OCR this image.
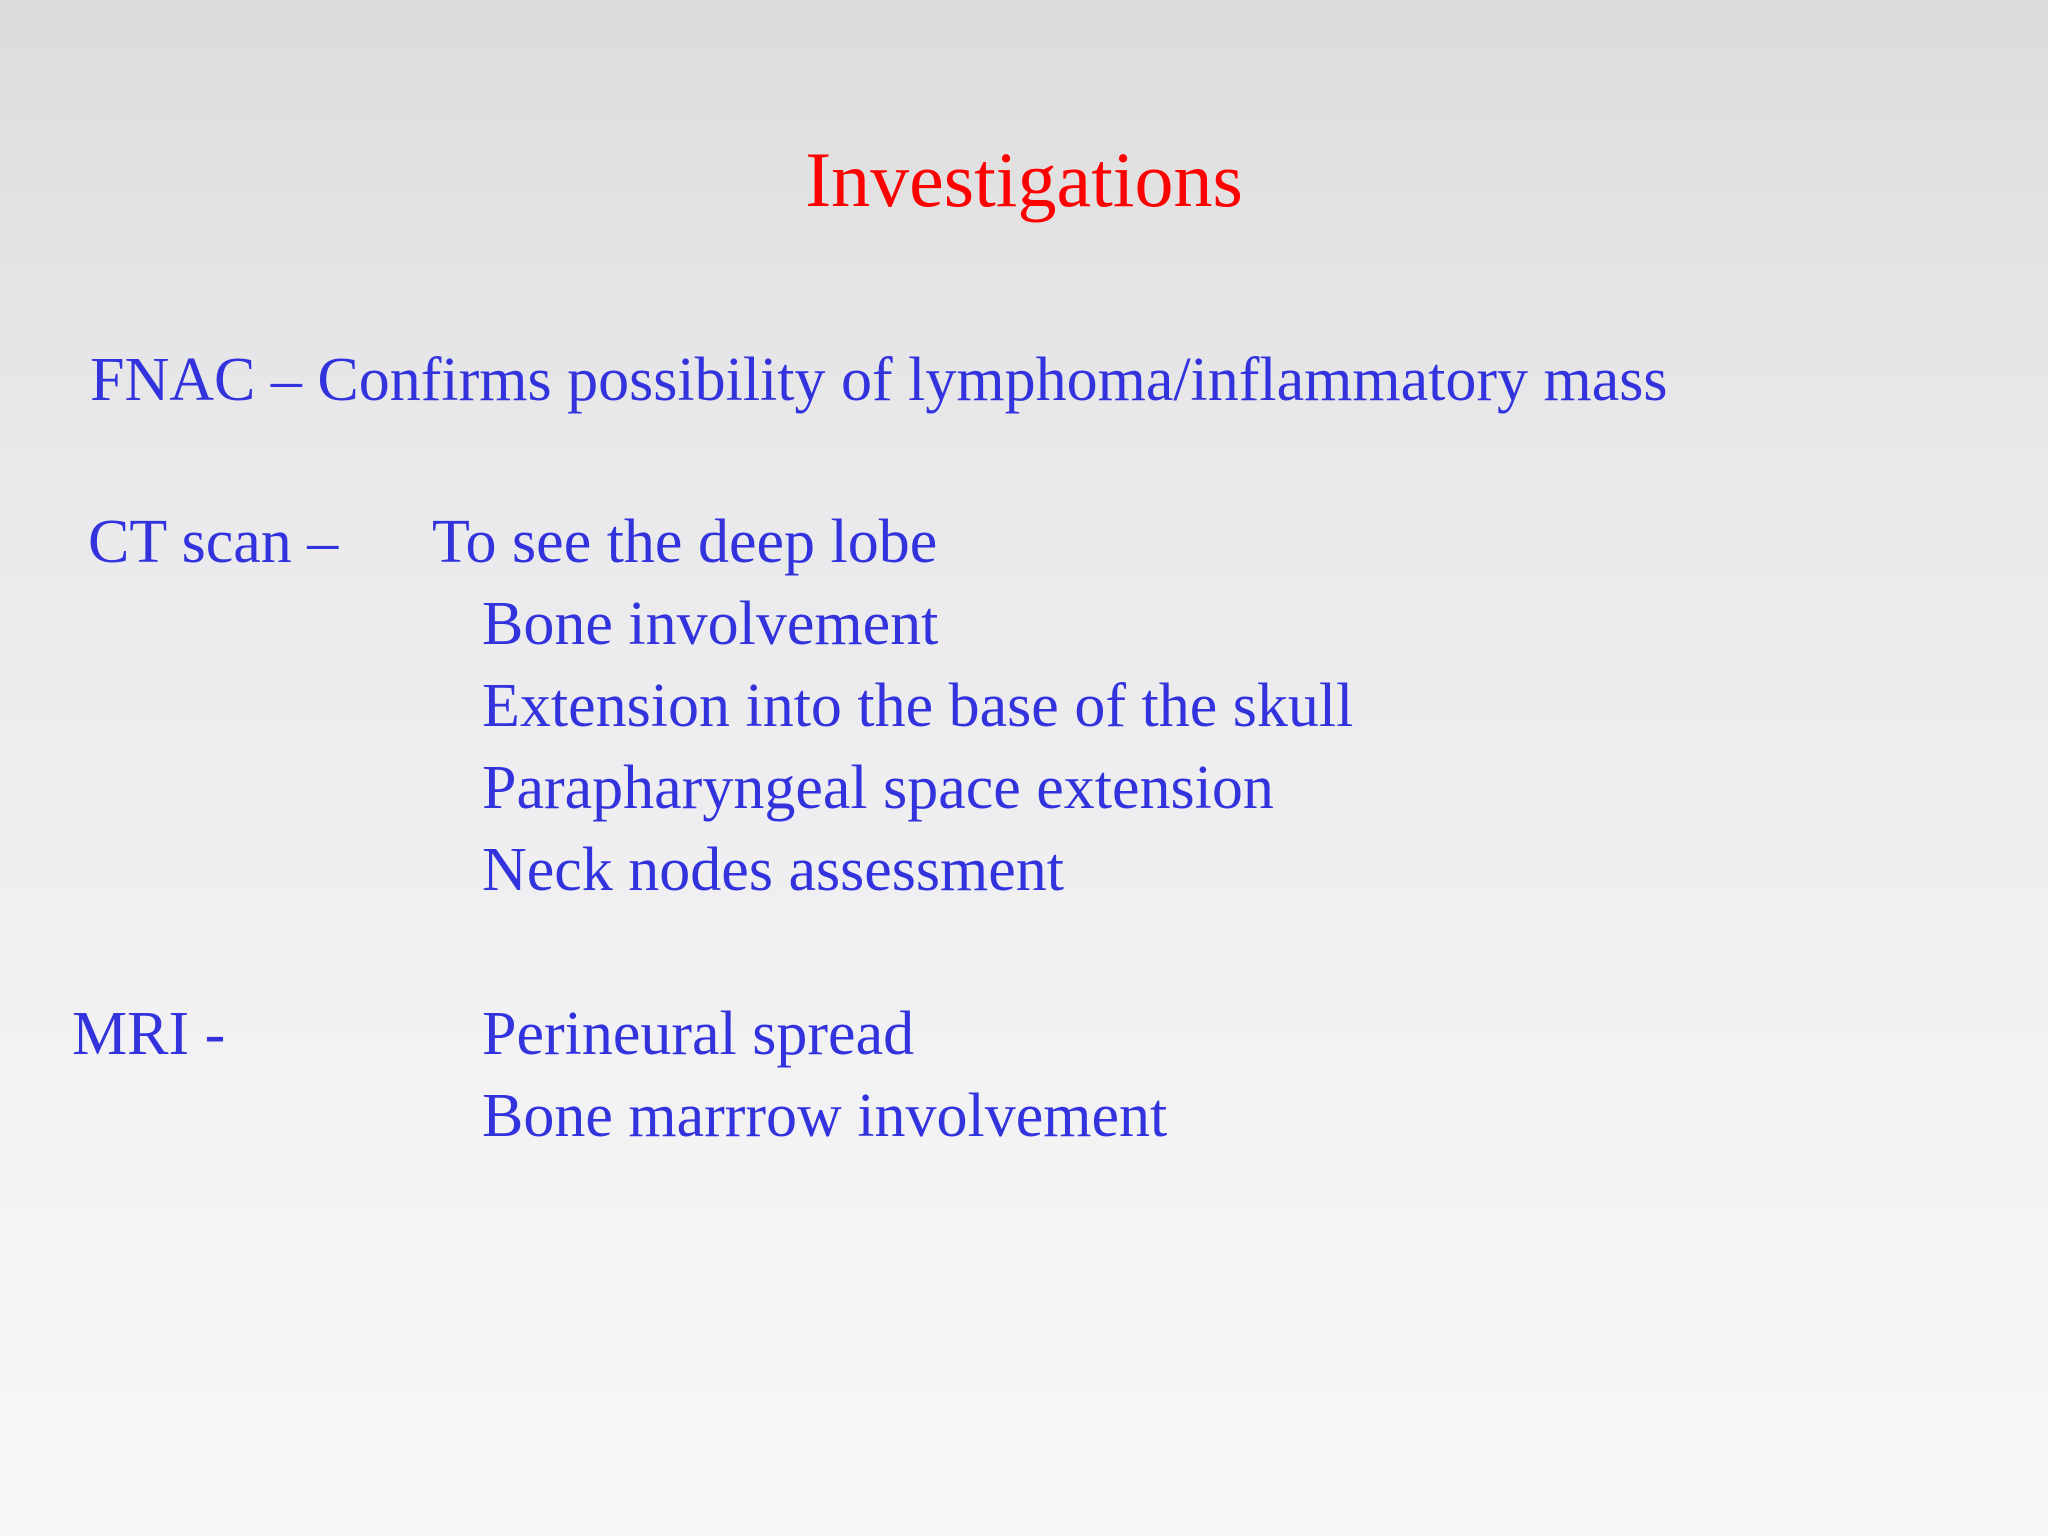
Investigations
FNAC – Confirms possibility of lymphoma/inflammatory mass
CT scan – To see the deep lobe
Bone involvement
Extension into the base of the skull
Parapharyngeal space extension
Neck nodes assessment
MRI -	Perineural spread
Bone marrrow involvement
